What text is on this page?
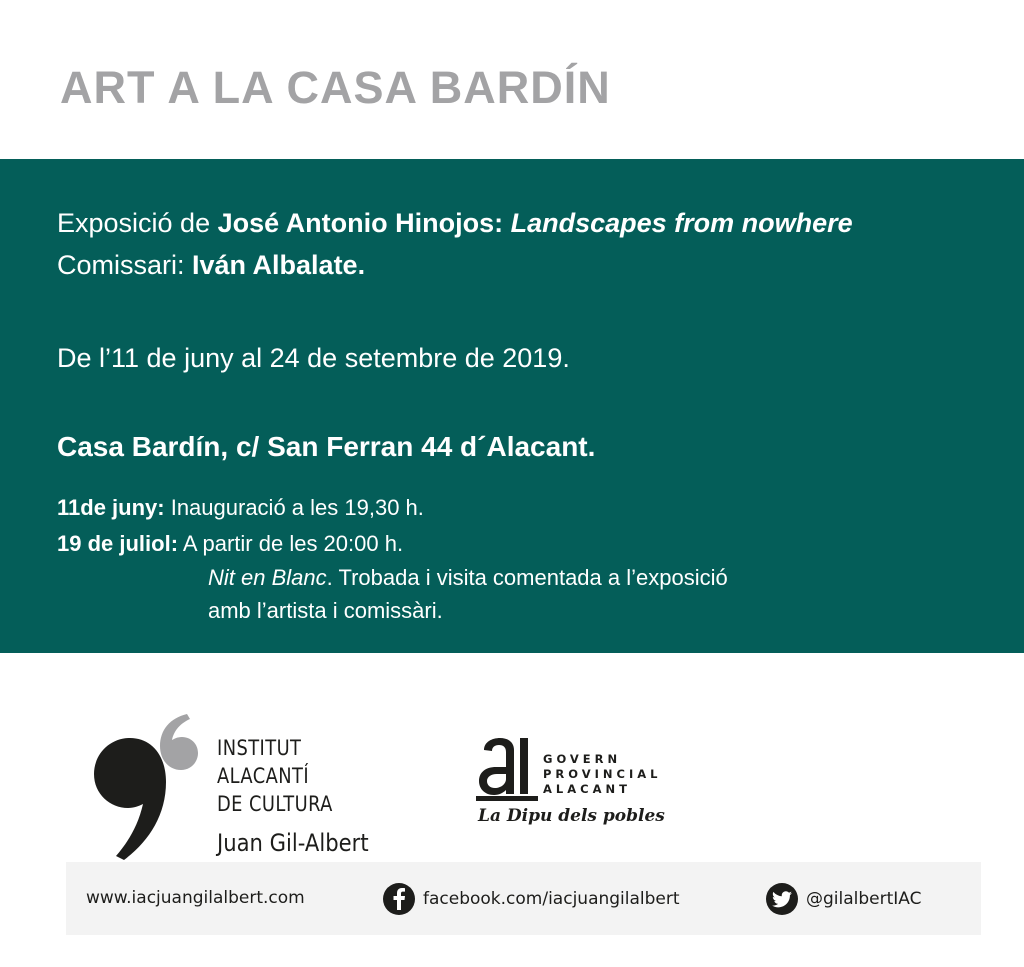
ART A LA CASA BARDÍN
Exposició de José Antonio Hinojos: Landscapes from nowhere
Comissari: Iván Albalate.
De l’11 de juny al 24 de setembre de 2019.
Casa Bardín, c/ San Ferran 44 d´Alacant.
11de juny: Inauguració a les 19,30 h.
19 de juliol: A partir de les 20:00 h.
Nit en Blanc. Trobada i visita comentada a l’exposició
amb l’artista i comissàri.
INSTITUT
ALACANTÍ
DE CULTURA
Juan Gil-Albert
GOVERN
PROVINCIAL
ALACANT
La Dipu dels pobles
www.iacjuangilalbert.com	facebook.com/iacjuangilalbert	@gilalbertIAC
